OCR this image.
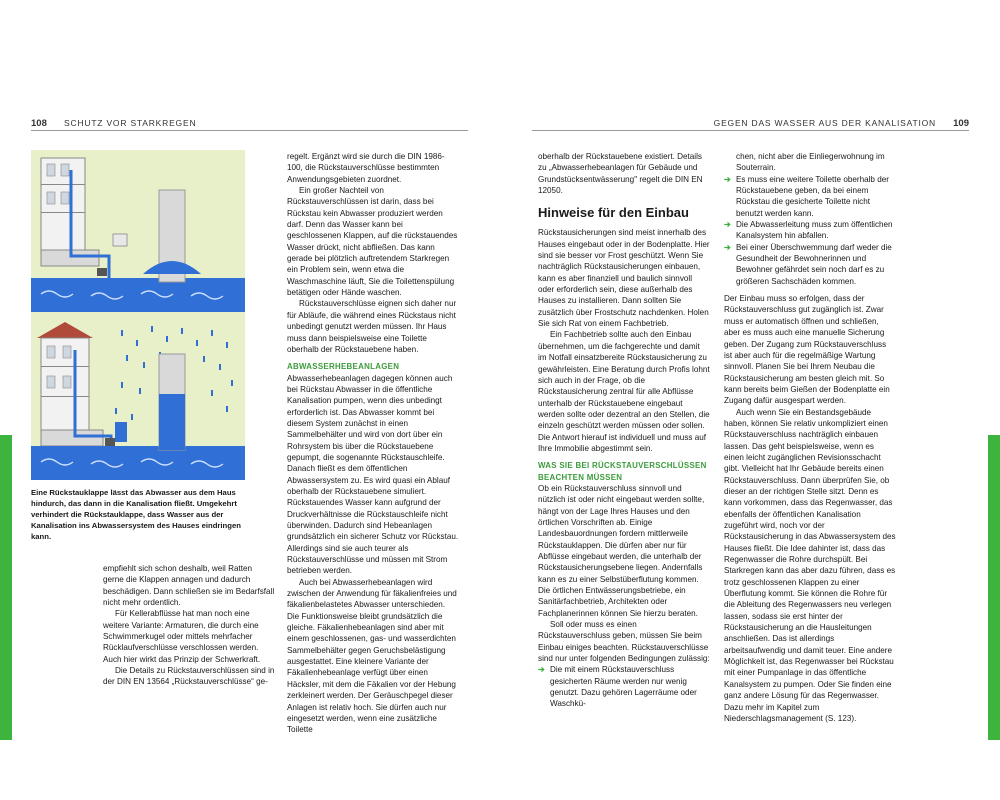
108 SCHUTZ VOR STARKREGEN	GEGEN DAS WASSER AUS DER KANALISATION 109
Eine Rückstauklappe lässt das Abwasser aus dem Haus hindurch, das dann in die Kanalisation fließt. Umgekehrt verhindert die Rückstauklappe, dass Wasser aus der Kanalisation ins Abwassersystem des Hauses eindringen kann.

empfiehlt sich schon deshalb, weil Ratten gerne die Klappen annagen und dadurch beschädigen. Dann schließen sie im Bedarfsfall nicht mehr ordentlich.

Für Kellerabflüsse hat man noch eine weitere Variante: Armaturen, die durch eine Schwimmerkugel oder mittels mehrfacher Rücklaufverschlüsse verschlossen werden. Auch hier wirkt das Prinzip der Schwerkraft.

Die Details zu Rückstauverschlüssen sind in der DIN EN 13564 „Rückstauverschlüsse“ ge-

regelt. Ergänzt wird sie durch die DIN 1986-100, die Rückstauverschlüsse bestimmten Anwendungsgebieten zuordnet.

Ein großer Nachteil von Rückstauverschlüssen ist darin, dass bei Rückstau kein Abwasser produziert werden darf. Denn das Wasser kann bei geschlossenen Klappen, auf die rückstauendes Wasser drückt, nicht abfließen. Das kann gerade bei plötzlich auftretendem Starkregen ein Problem sein, wenn etwa die Waschmaschine läuft, Sie die Toilettenspülung betätigen oder Hände waschen.

Rückstauverschlüsse eignen sich daher nur für Abläufe, die während eines Rückstaus nicht unbedingt genutzt werden müssen. Ihr Haus muss dann beispielsweise eine Toilette oberhalb der Rückstauebene haben.

ABWASSERHEBEANLAGEN

Abwasserhebeanlagen dagegen können auch bei Rückstau Abwasser in die öffentliche Kanalisation pumpen, wenn dies unbedingt erforderlich ist. Das Abwasser kommt bei diesem System zunächst in einen Sammelbehälter und wird von dort über ein Rohrsystem bis über die Rückstauebene gepumpt, die sogenannte Rückstauschleife. Danach fließt es dem öffentlichen Abwassersystem zu. Es wird quasi ein Ablauf oberhalb der Rückstauebene simuliert. Rückstauendes Wasser kann aufgrund der Druckverhältnisse die Rückstauschleife nicht überwinden. Dadurch sind Hebeanlagen grundsätzlich ein sicherer Schutz vor Rückstau. Allerdings sind sie auch teurer als Rückstauverschlüsse und müssen mit Strom betrieben werden.

Auch bei Abwasserhebeanlagen wird zwischen der Anwendung für fäkalienfreies und fäkalienbelastetes Abwasser unterschieden. Die Funktionsweise bleibt grundsätzlich die gleiche. Fäkalienhebeanlagen sind aber mit einem geschlossenen, gas- und wasserdichten Sammelbehälter gegen Geruchsbelästigung ausgestattet. Eine kleinere Variante der Fäkalienhebeanlage verfügt über einen Häcksler, mit dem die Fäkalien vor der Hebung zerkleinert werden. Der Geräuschpegel dieser Anlagen ist relativ hoch. Sie dürfen auch nur eingesetzt werden, wenn eine zusätzliche Toilette

oberhalb der Rückstauebene existiert. Details zu „Abwasserhebeanlagen für Gebäude und Grundstücksentwässerung" regelt die DIN EN 12050.

Hinweise für den Einbau

Rückstausicherungen sind meist innerhalb des Hauses eingebaut oder in der Bodenplatte. Hier sind sie besser vor Frost geschützt. Wenn Sie nachträglich Rückstausicherungen einbauen, kann es aber finanziell und baulich sinnvoll oder erforderlich sein, diese außerhalb des Hauses zu installieren. Dann sollten Sie zusätzlich über Frostschutz nachdenken. Holen Sie sich Rat von einem Fachbetrieb.

Ein Fachbetrieb sollte auch den Einbau übernehmen, um die fachgerechte und damit im Notfall einsatzbereite Rückstausicherung zu gewährleisten. Eine Beratung durch Profis lohnt sich auch in der Frage, ob die Rückstausicherung zentral für alle Abflüsse unterhalb der Rückstauebene eingebaut werden sollte oder dezentral an den Stellen, die einzeln geschützt werden müssen oder sollen. Die Antwort hierauf ist individuell und muss auf Ihre Immobilie abgestimmt sein.

WAS SIE BEI RÜCKSTAUVERSCHLÜSSEN BEACHTEN MÜSSEN

Ob ein Rückstauverschluss sinnvoll und nützlich ist oder nicht eingebaut werden sollte, hängt von der Lage Ihres Hauses und den örtlichen Vorschriften ab. Einige Landesbauordnungen fordern mittlerweile Rückstauklappen. Die dürfen aber nur für Abflüsse eingebaut werden, die unterhalb der Rückstausicherungsebene liegen. Andernfalls kann es zu einer Selbstüberflutung kommen. Die örtlichen Entwässerungsbetriebe, ein Sanitärfachbetrieb, Architekten oder Fachplanerinnen können Sie hierzu beraten.

Soll oder muss es einen Rückstauverschluss geben, müssen Sie beim Einbau einiges beachten. Rückstauverschlüsse sind nur unter folgenden Bedingungen zulässig:

➔ Die mit einem Rückstauverschluss gesicherten Räume werden nur wenig genutzt. Dazu gehören Lagerräume oder Waschkü-

chen, nicht aber die Einliegerwohnung im Souterrain.

➔ Es muss eine weitere Toilette oberhalb der Rückstauebene geben, da bei einem Rückstau die gesicherte Toilette nicht benutzt werden kann.
➔ Die Abwasserleitung muss zum öffentlichen Kanalsystem hin abfallen.
➔ Bei einer Überschwemmung darf weder die Gesundheit der Bewohnerinnen und Bewohner gefährdet sein noch darf es zu größeren Sachschäden kommen.

Der Einbau muss so erfolgen, dass der Rückstauverschluss gut zugänglich ist. Zwar muss er automatisch öffnen und schließen, aber es muss auch eine manuelle Sicherung geben. Der Zugang zum Rückstauverschluss ist aber auch für die regelmäßige Wartung sinnvoll. Planen Sie bei Ihrem Neubau die Rückstausicherung am besten gleich mit. So kann bereits beim Gießen der Bodenplatte ein Zugang dafür ausgespart werden.

Auch wenn Sie ein Bestandsgebäude haben, können Sie relativ unkompliziert einen Rückstauverschluss nachträglich einbauen lassen. Das geht beispielsweise, wenn es einen leicht zugänglichen Revisionsschacht gibt. Vielleicht hat Ihr Gebäude bereits einen Rückstauverschluss. Dann überprüfen Sie, ob dieser an der richtigen Stelle sitzt. Denn es kann vorkommen, dass das Regenwasser, das ebenfalls der öffentlichen Kanalisation zugeführt wird, noch vor der Rückstausicherung in das Abwassersystem des Hauses fließt. Die Idee dahinter ist, dass das Regenwasser die Rohre durchspült. Bei Starkregen kann das aber dazu führen, dass es trotz geschlossenen Klappen zu einer Überflutung kommt. Sie können die Rohre für die Ableitung des Regenwassers neu verlegen lassen, sodass sie erst hinter der Rückstausicherung an die Hausleitungen anschließen. Das ist allerdings arbeitsaufwendig und damit teuer. Eine andere Möglichkeit ist, das Regenwasser bei Rückstau mit einer Pumpanlage in das öffentliche Kanalsystem zu pumpen. Oder Sie finden eine ganz andere Lösung für das Regenwasser. Dazu mehr im Kapitel zum Niederschlagsmanagement (S. 123).
